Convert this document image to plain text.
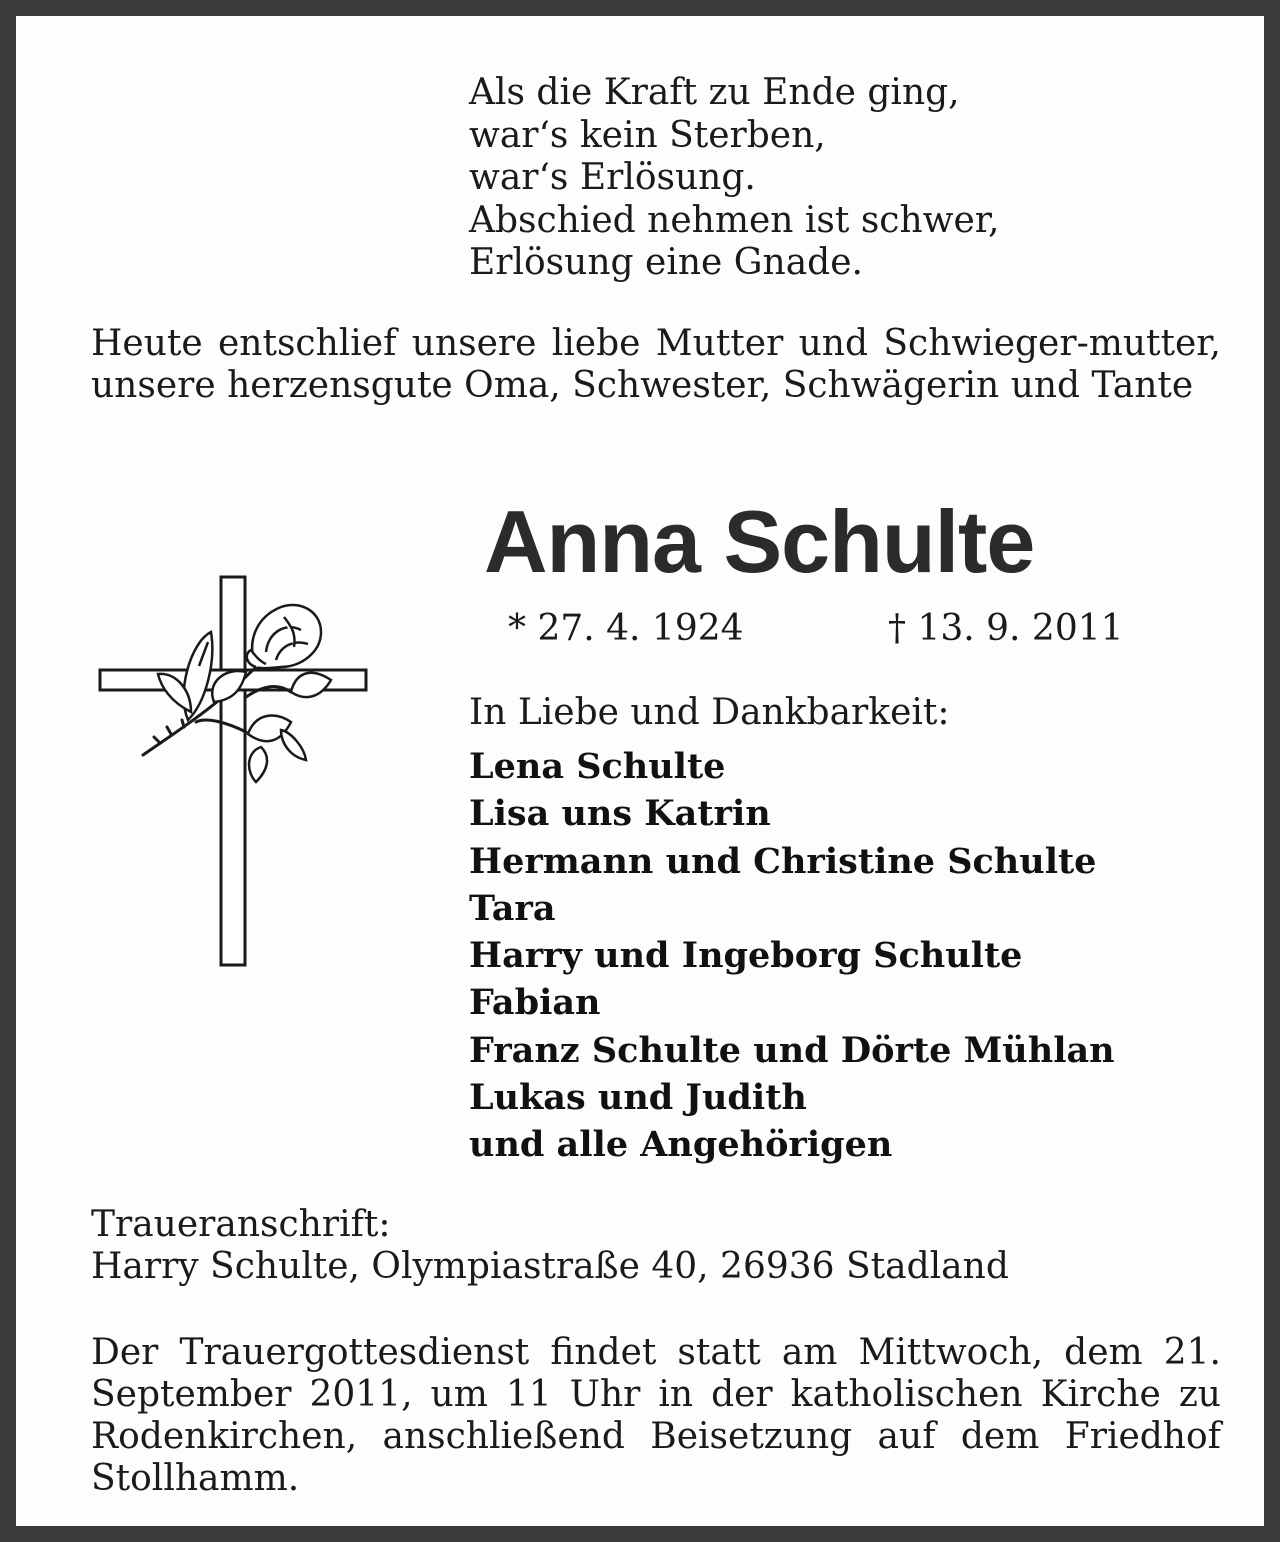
Als die Kraft zu Ende ging,
war‘s kein Sterben,
war‘s Erlösung.
Abschied nehmen ist schwer,
Erlösung eine Gnade.
Heute entschlief unsere liebe Mutter und Schwieger-mutter, unsere herzensgute Oma, Schwester, Schwägerin und Tante
Anna Schulte
* 27. 4. 1924	† 13. 9. 2011
In Liebe und Dankbarkeit:
Lena Schulte
Lisa uns Katrin
Hermann und Christine Schulte
Tara
Harry und Ingeborg Schulte
Fabian
Franz Schulte und Dörte Mühlan
Lukas und Judith
und alle Angehörigen
Traueranschrift:
Harry Schulte, Olympiastraße 40, 26936 Stadland
Der Trauergottesdienst findet statt am Mittwoch, dem 21. September 2011, um 11 Uhr in der katholischen Kirche zu Rodenkirchen, anschließend Beisetzung auf dem Friedhof Stollhamm.
